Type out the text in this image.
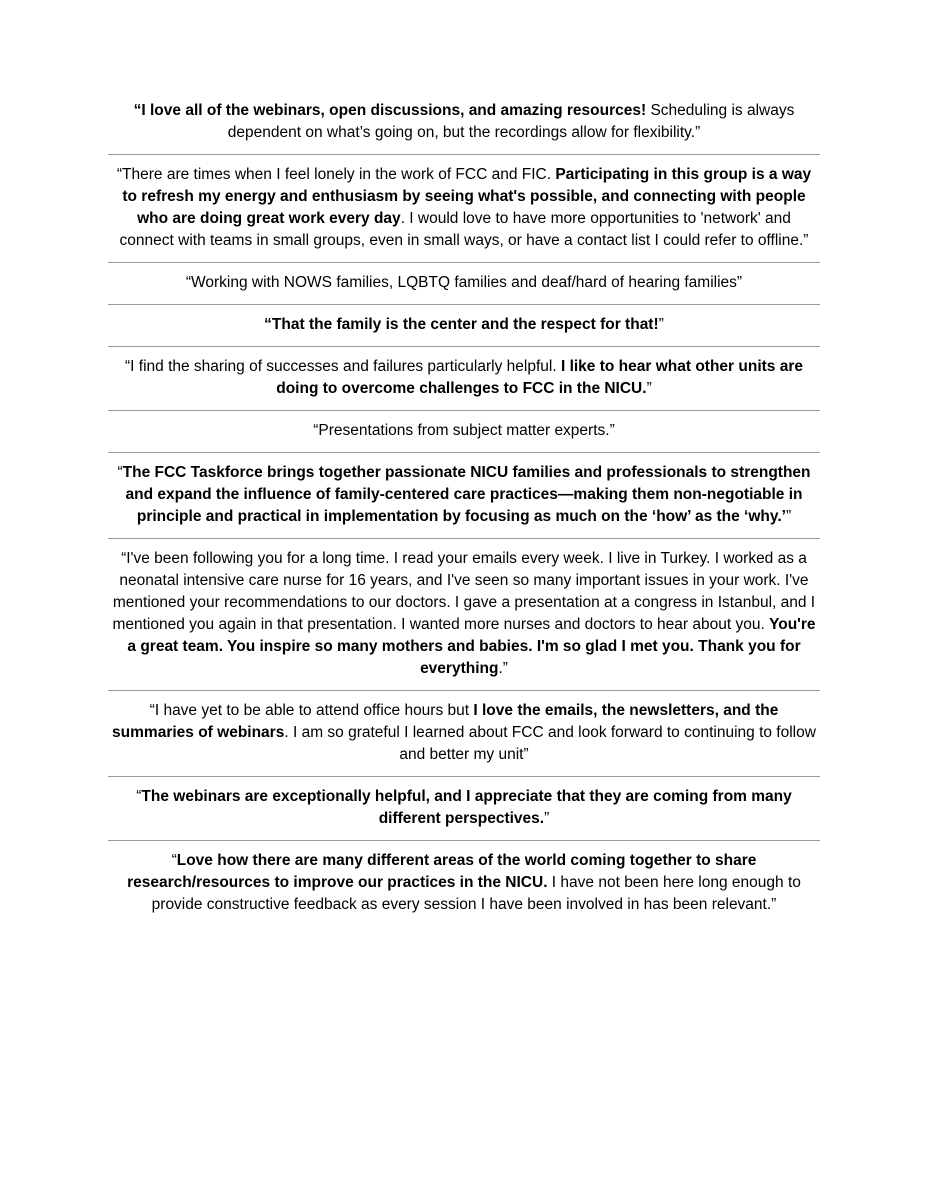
“I love all of the webinars, open discussions, and amazing resources! Scheduling is always dependent on what’s going on, but the recordings allow for flexibility.”
“There are times when I feel lonely in the work of FCC and FIC. Participating in this group is a way to refresh my energy and enthusiasm by seeing what's possible, and connecting with people who are doing great work every day. I would love to have more opportunities to 'network' and connect with teams in small groups, even in small ways, or have a contact list I could refer to offline.”
“Working with NOWS families, LQBTQ families and deaf/hard of hearing families”
“That the family is the center and the respect for that!”
“I find the sharing of successes and failures particularly helpful. I like to hear what other units are doing to overcome challenges to FCC in the NICU.”
“Presentations from subject matter experts.”
“The FCC Taskforce brings together passionate NICU families and professionals to strengthen and expand the influence of family-centered care practices—making them non-negotiable in principle and practical in implementation by focusing as much on the ‘how’ as the ‘why.’”
“I've been following you for a long time. I read your emails every week. I live in Turkey. I worked as a neonatal intensive care nurse for 16 years, and I've seen so many important issues in your work. I've mentioned your recommendations to our doctors. I gave a presentation at a congress in Istanbul, and I mentioned you again in that presentation. I wanted more nurses and doctors to hear about you. You're a great team. You inspire so many mothers and babies. I'm so glad I met you. Thank you for everything.”
“I have yet to be able to attend office hours but I love the emails, the newsletters, and the summaries of webinars. I am so grateful I learned about FCC and look forward to continuing to follow and better my unit”
“The webinars are exceptionally helpful, and I appreciate that they are coming from many different perspectives.”
“Love how there are many different areas of the world coming together to share research/resources to improve our practices in the NICU. I have not been here long enough to provide constructive feedback as every session I have been involved in has been relevant.”
